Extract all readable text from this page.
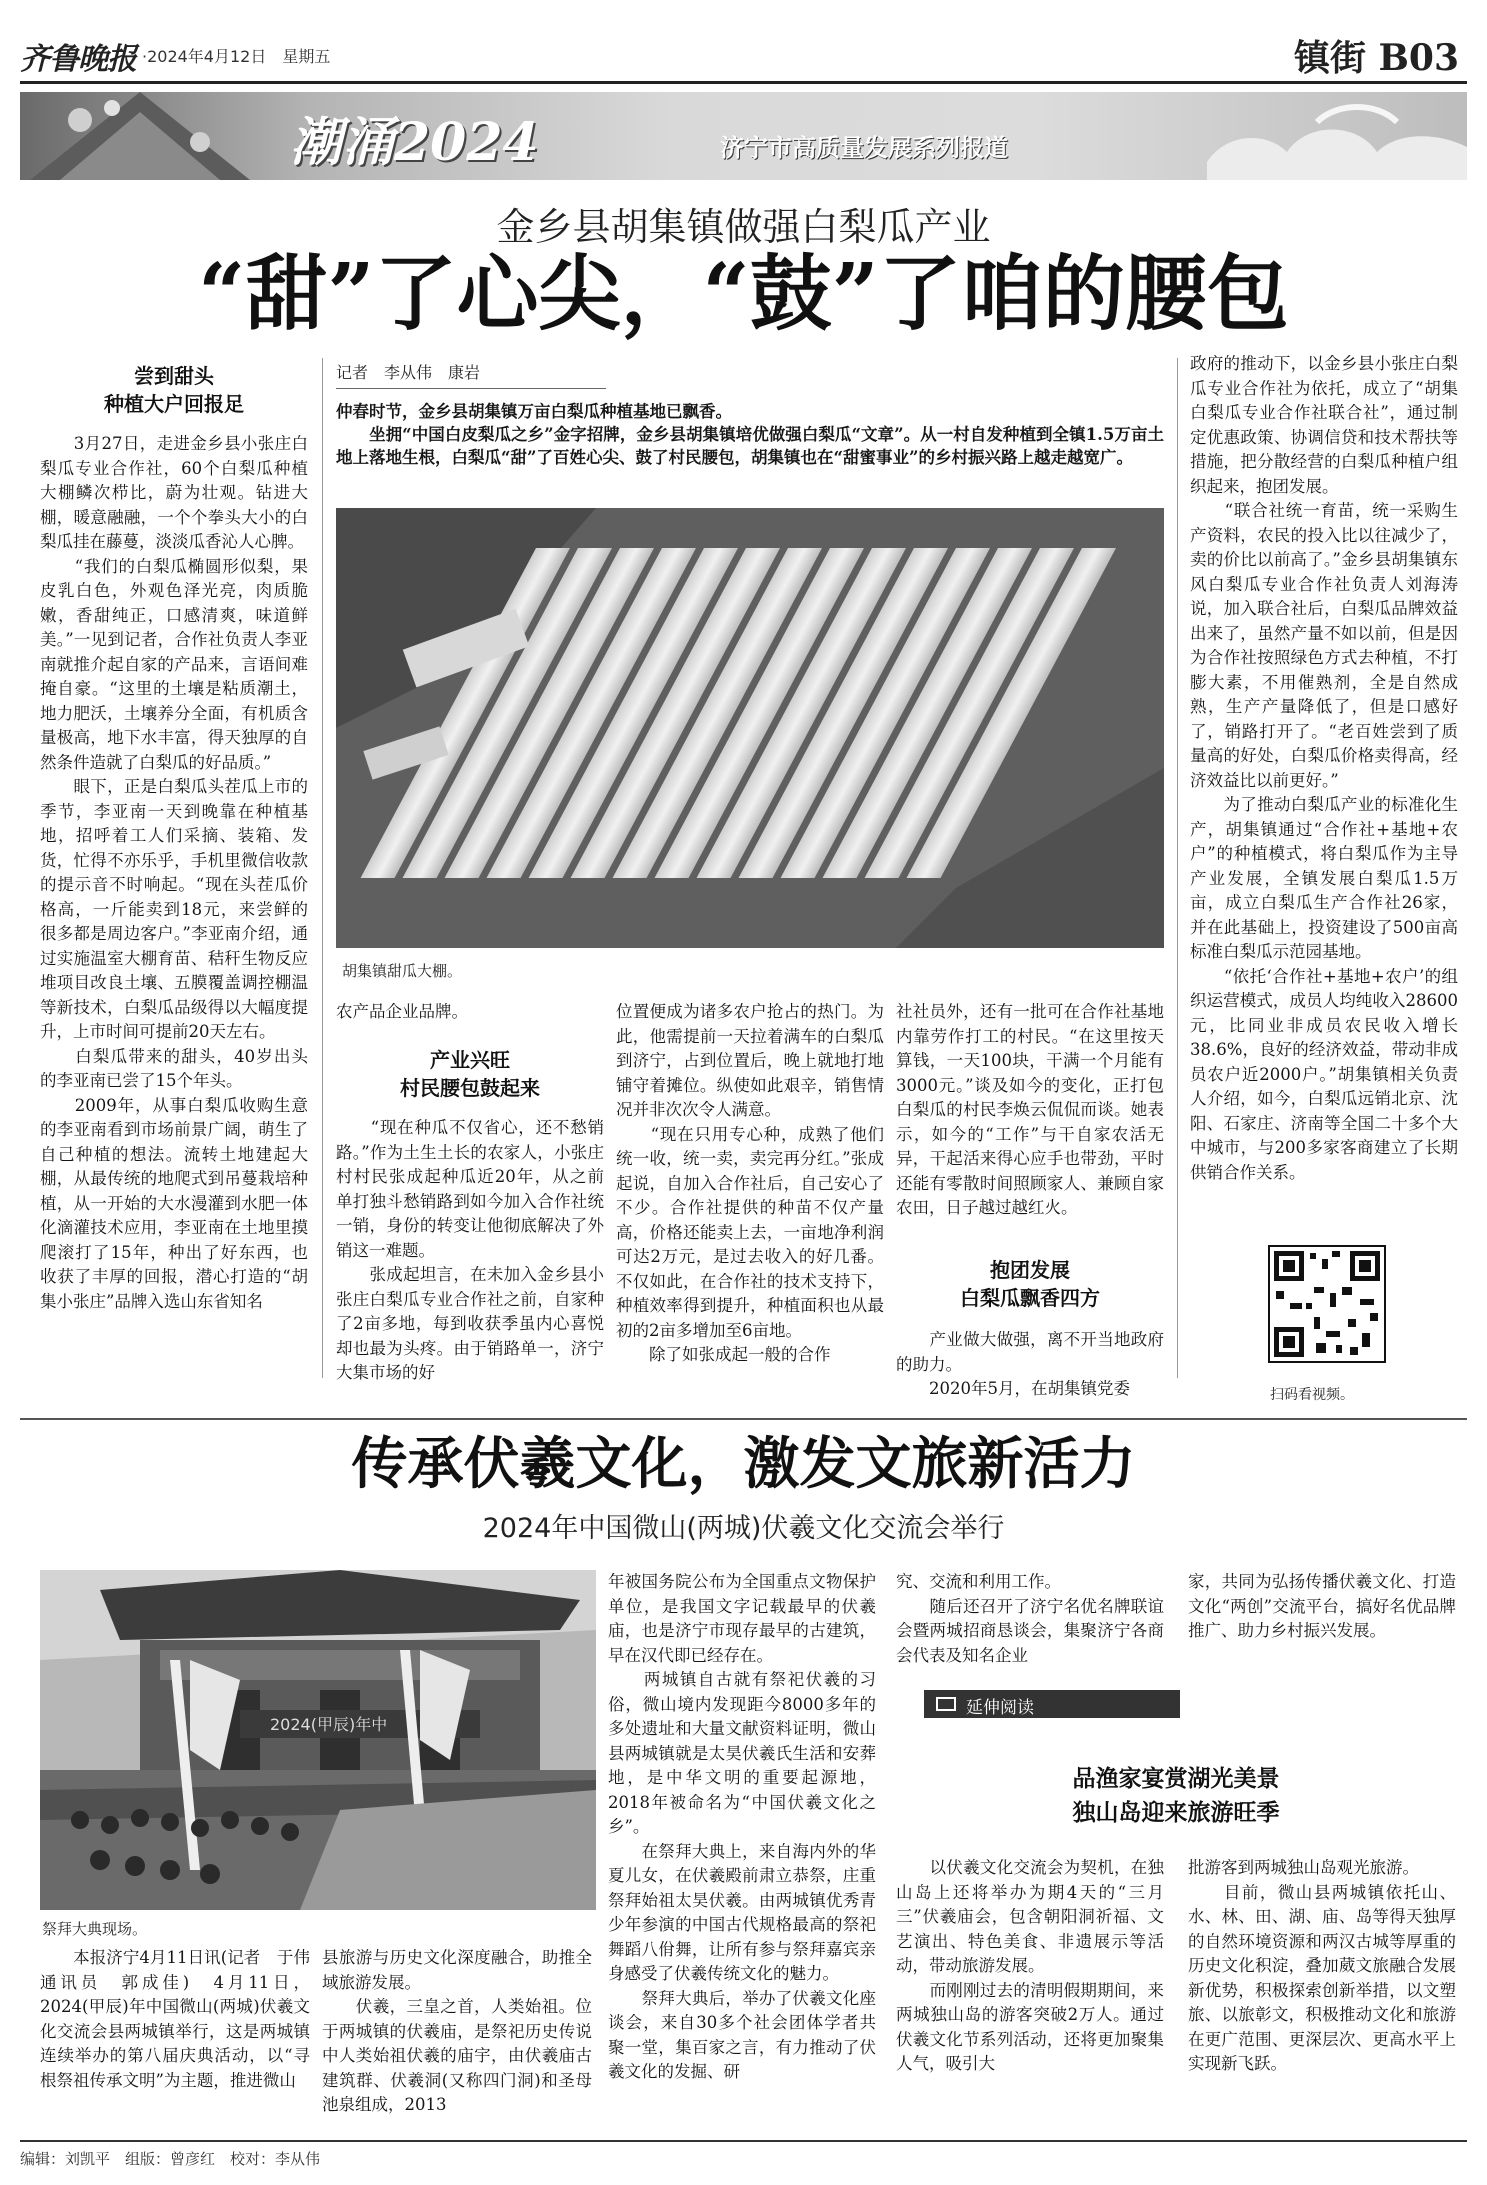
齐鲁晚报 ·2024年4月12日　星期五	镇街 B03
潮涌2024	济宁市高质量发展系列报道
金乡县胡集镇做强白梨瓜产业
“甜”了心尖，“鼓”了咱的腰包
尝到甜头
种植大户回报足
　　3月27日，走进金乡县小张庄白梨瓜专业合作社，60个白梨瓜种植大棚鳞次栉比，蔚为壮观。钻进大棚，暖意融融，一个个拳头大小的白梨瓜挂在藤蔓，淡淡瓜香沁人心脾。
　　“我们的白梨瓜椭圆形似梨，果皮乳白色，外观色泽光亮，肉质脆嫩，香甜纯正，口感清爽，味道鲜美。”一见到记者，合作社负责人李亚南就推介起自家的产品来，言语间难掩自豪。“这里的土壤是粘质潮土，地力肥沃，土壤养分全面，有机质含量极高，地下水丰富，得天独厚的自然条件造就了白梨瓜的好品质。”
　　眼下，正是白梨瓜头茬瓜上市的季节，李亚南一天到晚靠在种植基地，招呼着工人们采摘、装箱、发货，忙得不亦乐乎，手机里微信收款的提示音不时响起。“现在头茬瓜价格高，一斤能卖到18元，来尝鲜的很多都是周边客户。”李亚南介绍，通过实施温室大棚育苗、秸秆生物反应堆项目改良土壤、五膜覆盖调控棚温等新技术，白梨瓜品级得以大幅度提升，上市时间可提前20天左右。
　　白梨瓜带来的甜头，40岁出头的李亚南已尝了15个年头。
　　2009年，从事白梨瓜收购生意的李亚南看到市场前景广阔，萌生了自己种植的想法。流转土地建起大棚，从最传统的地爬式到吊蔓栽培种植，从一开始的大水漫灌到水肥一体化滴灌技术应用，李亚南在土地里摸爬滚打了15年，种出了好东西，也收获了丰厚的回报，潜心打造的“胡集小张庄”品牌入选山东省知名
记者　李从伟　康岩
仲春时节，金乡县胡集镇万亩白梨瓜种植基地已飘香。
　　坐拥“中国白皮梨瓜之乡”金字招牌，金乡县胡集镇培优做强白梨瓜“文章”。从一村自发种植到全镇1.5万亩土地上落地生根，白梨瓜“甜”了百姓心尖、鼓了村民腰包，胡集镇也在“甜蜜事业”的乡村振兴路上越走越宽广。
胡集镇甜瓜大棚。
农产品企业品牌。
产业兴旺
村民腰包鼓起来
　　“现在种瓜不仅省心，还不愁销路。”作为土生土长的农家人，小张庄村村民张成起种瓜近20年，从之前单打独斗愁销路到如今加入合作社统一销，身份的转变让他彻底解决了外销这一难题。
　　张成起坦言，在未加入金乡县小张庄白梨瓜专业合作社之前，自家种了2亩多地，每到收获季虽内心喜悦却也最为头疼。由于销路单一，济宁大集市场的好
位置便成为诸多农户抢占的热门。为此，他需提前一天拉着满车的白梨瓜到济宁，占到位置后，晚上就地打地铺守着摊位。纵使如此艰辛，销售情况并非次次令人满意。
　　“现在只用专心种，成熟了他们统一收，统一卖，卖完再分红。”张成起说，自加入合作社后，自己安心了不少。合作社提供的种苗不仅产量高，价格还能卖上去，一亩地净利润可达2万元，是过去收入的好几番。不仅如此，在合作社的技术支持下，种植效率得到提升，种植面积也从最初的2亩多增加至6亩地。
　　除了如张成起一般的合作
社社员外，还有一批可在合作社基地内靠劳作打工的村民。“在这里按天算钱，一天100块，干满一个月能有3000元。”谈及如今的变化，正打包白梨瓜的村民李焕云侃侃而谈。她表示，如今的“工作”与干自家农活无异，干起活来得心应手也带劲，平时还能有零散时间照顾家人、兼顾自家农田，日子越过越红火。
抱团发展
白梨瓜飘香四方
　　产业做大做强，离不开当地政府的助力。
　　2020年5月，在胡集镇党委
政府的推动下，以金乡县小张庄白梨瓜专业合作社为依托，成立了“胡集白梨瓜专业合作社联合社”，通过制定优惠政策、协调信贷和技术帮扶等措施，把分散经营的白梨瓜种植户组织起来，抱团发展。
　　“联合社统一育苗，统一采购生产资料，农民的投入比以往减少了，卖的价比以前高了。”金乡县胡集镇东风白梨瓜专业合作社负责人刘海涛说，加入联合社后，白梨瓜品牌效益出来了，虽然产量不如以前，但是因为合作社按照绿色方式去种植，不打膨大素，不用催熟剂，全是自然成熟，生产产量降低了，但是口感好了，销路打开了。“老百姓尝到了质量高的好处，白梨瓜价格卖得高，经济效益比以前更好。”
　　为了推动白梨瓜产业的标准化生产，胡集镇通过“合作社+基地+农户”的种植模式，将白梨瓜作为主导产业发展，全镇发展白梨瓜1.5万亩，成立白梨瓜生产合作社26家，并在此基础上，投资建设了500亩高标准白梨瓜示范园基地。
　　“依托‘合作社+基地+农户’的组织运营模式，成员人均纯收入28600元，比同业非成员农民收入增长38.6%，良好的经济效益，带动非成员农户近2000户。”胡集镇相关负责人介绍，如今，白梨瓜远销北京、沈阳、石家庄、济南等全国二十多个大中城市，与200多家客商建立了长期供销合作关系。
扫码看视频。
传承伏羲文化，激发文旅新活力
2024年中国微山(两城)伏羲文化交流会举行
2024(甲辰)年中
祭拜大典现场。
　　本报济宁4月11日讯(记者　于伟　通讯员　郭成佳)　4月11日，2024(甲辰)年中国微山(两城)伏羲文化交流会县两城镇举行，这是两城镇连续举办的第八届庆典活动，以“寻根祭祖传承文明”为主题，推进微山
县旅游与历史文化深度融合，助推全域旅游发展。
　　伏羲，三皇之首，人类始祖。位于两城镇的伏羲庙，是祭祀历史传说中人类始祖伏羲的庙宇，由伏羲庙古建筑群、伏羲洞(又称四门洞)和圣母池泉组成，2013
年被国务院公布为全国重点文物保护单位，是我国文字记载最早的伏羲庙，也是济宁市现存最早的古建筑，早在汉代即已经存在。
　　两城镇自古就有祭祀伏羲的习俗，微山境内发现距今8000多年的多处遗址和大量文献资料证明，微山县两城镇就是太昊伏羲氏生活和安葬地，是中华文明的重要起源地，2018年被命名为“中国伏羲文化之乡”。
　　在祭拜大典上，来自海内外的华夏儿女，在伏羲殿前肃立恭祭，庄重祭拜始祖太昊伏羲。由两城镇优秀青少年参演的中国古代规格最高的祭祀舞蹈八佾舞，让所有参与祭拜嘉宾亲身感受了伏羲传统文化的魅力。
　　祭拜大典后，举办了伏羲文化座谈会，来自30多个社会团体学者共聚一堂，集百家之言，有力推动了伏羲文化的发掘、研
究、交流和利用工作。
　　随后还召开了济宁名优名牌联谊会暨两城招商恳谈会，集聚济宁各商会代表及知名企业
家，共同为弘扬传播伏羲文化、打造文化“两创”交流平台，搞好名优品牌推广、助力乡村振兴发展。
延伸阅读
品渔家宴赏湖光美景
独山岛迎来旅游旺季
　　以伏羲文化交流会为契机，在独山岛上还将举办为期4天的“三月三”伏羲庙会，包含朝阳洞祈福、文艺演出、特色美食、非遗展示等活动，带动旅游发展。
　　而刚刚过去的清明假期期间，来两城独山岛的游客突破2万人。通过伏羲文化节系列活动，还将更加聚集人气，吸引大
批游客到两城独山岛观光旅游。
　　目前，微山县两城镇依托山、水、林、田、湖、庙、岛等得天独厚的自然环境资源和两汉古城等厚重的历史文化积淀，叠加葳文旅融合发展新优势，积极探索创新举措，以文塑旅、以旅彰文，积极推动文化和旅游在更广范围、更深层次、更高水平上实现新飞跃。
编辑：刘凯平　组版：曾彦红　校对：李从伟
